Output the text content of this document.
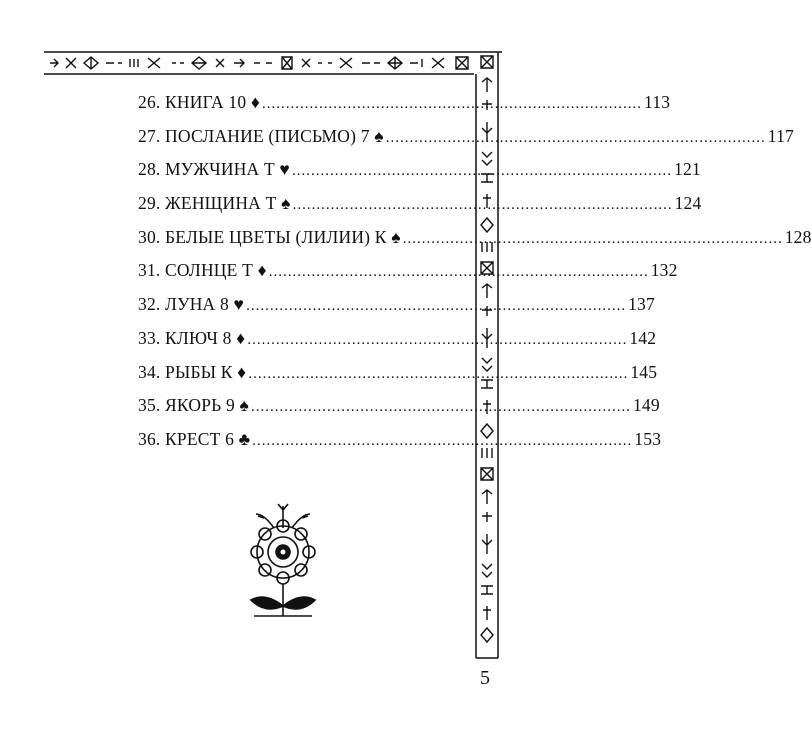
26. КНИГА 10 ♦ ................................................................................ 113
27. ПОСЛАНИЕ (ПИСЬМО) 7 ♠ ................................................................................ 117
28. МУЖЧИНА Т ♥ ................................................................................ 121
29. ЖЕНЩИНА Т ♠ ................................................................................ 124
30. БЕЛЫЕ ЦВЕТЫ (ЛИЛИИ) К ♠ ................................................................................ 128
31. СОЛНЦЕ Т ♦ ................................................................................ 132
32. ЛУНА 8 ♥ ................................................................................ 137
33. КЛЮЧ 8 ♦ ................................................................................ 142
34. РЫБЫ К ♦ ................................................................................ 145
35. ЯКОРЬ 9 ♠ ................................................................................ 149
36. КРЕСТ 6 ♣ ................................................................................ 153
5
